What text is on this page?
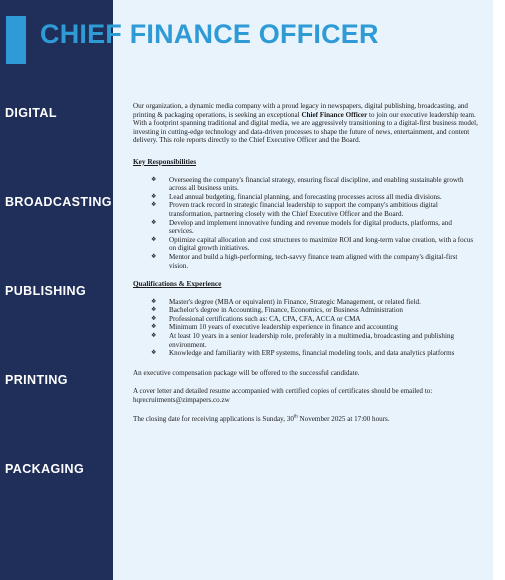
DIGITAL
BROADCASTING
PUBLISHING
PRINTING
PACKAGING
CHIEF FINANCE OFFICER

Our organization, a dynamic media company with a proud legacy in newspapers, digital publishing, broadcasting, and printing & packaging operations, is seeking an exceptional Chief Finance Officer to join our executive leadership team. With a footprint spanning traditional and digital media, we are aggressively transitioning to a digital-first business model, investing in cutting-edge technology and data-driven processes to shape the future of news, entertainment, and content delivery. This role reports directly to the Chief Executive Officer and the Board.

Key Responsibilities

❖ Overseeing the company's financial strategy, ensuring fiscal discipline, and enabling sustainable growth across all business units.
❖ Lead annual budgeting, financial planning, and forecasting processes across all media divisions.
❖ Proven track record in strategic financial leadership to support the company's ambitious digital transformation, partnering closely with the Chief Executive Officer and the Board.
❖ Develop and implement innovative funding and revenue models for digital products, platforms, and services.
❖ Optimize capital allocation and cost structures to maximize ROI and long-term value creation, with a focus on digital growth initiatives.
❖ Mentor and build a high-performing, tech-savvy finance team aligned with the company's digital-first vision.

Qualifications & Experience

❖ Master's degree (MBA or equivalent) in Finance, Strategic Management, or related field.
❖ Bachelor's degree in Accounting, Finance, Economics, or Business Administration
❖ Professional certifications such as: CA, CPA, CFA, ACCA or CMA
❖ Minimum 10 years of executive leadership experience in finance and accounting
❖ At least 10 years in a senior leadership role, preferably in a multimedia, broadcasting and publishing environment.
❖ Knowledge and familiarity with ERP systems, financial modeling tools, and data analytics platforms

An executive compensation package will be offered to the successful candidate.

A cover letter and detailed resume accompanied with certified copies of certificates should be emailed to: hqrecruitments@zimpapers.co.zw

The closing date for receiving applications is Sunday, 30th November 2025 at 17:00 hours.
